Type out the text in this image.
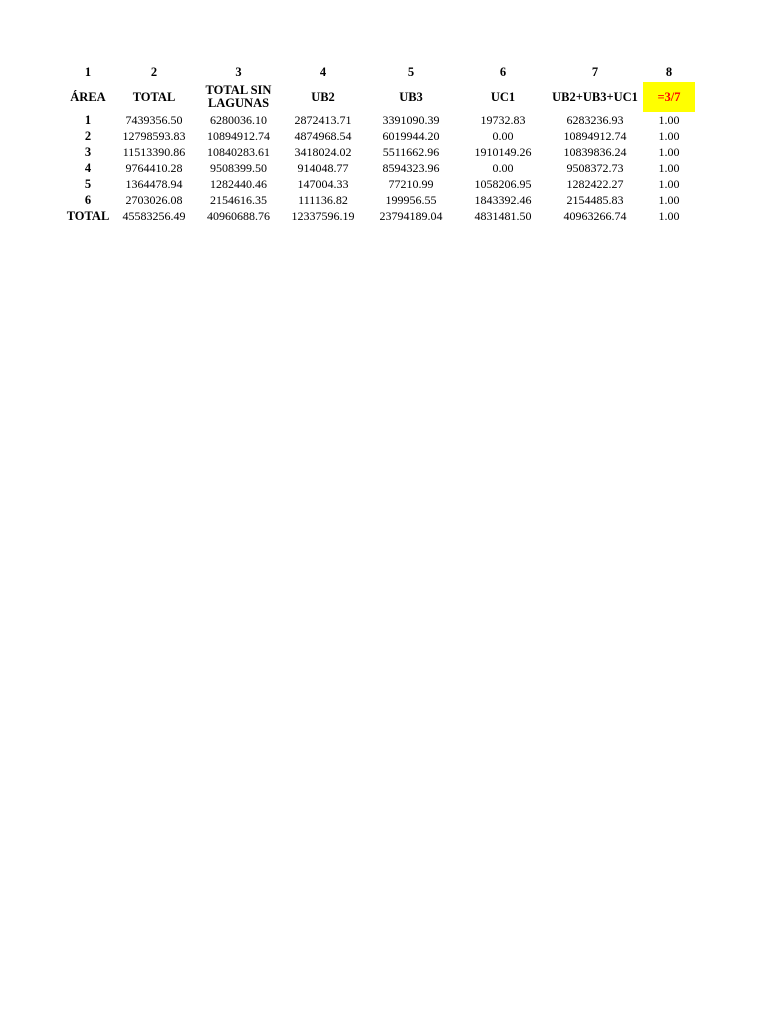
1	2	3	4	5	6	7	8
ÁREA	TOTAL	TOTAL SIN LAGUNAS	UB2	UB3	UC1	UB2+UB3+UC1	=3/7
1	7439356.50	6280036.10	2872413.71	3391090.39	19732.83	6283236.93	1.00
2	12798593.83	10894912.74	4874968.54	6019944.20	0.00	10894912.74	1.00
3	11513390.86	10840283.61	3418024.02	5511662.96	1910149.26	10839836.24	1.00
4	9764410.28	9508399.50	914048.77	8594323.96	0.00	9508372.73	1.00
5	1364478.94	1282440.46	147004.33	77210.99	1058206.95	1282422.27	1.00
6	2703026.08	2154616.35	111136.82	199956.55	1843392.46	2154485.83	1.00
TOTAL	45583256.49	40960688.76	12337596.19	23794189.04	4831481.50	40963266.74	1.00
